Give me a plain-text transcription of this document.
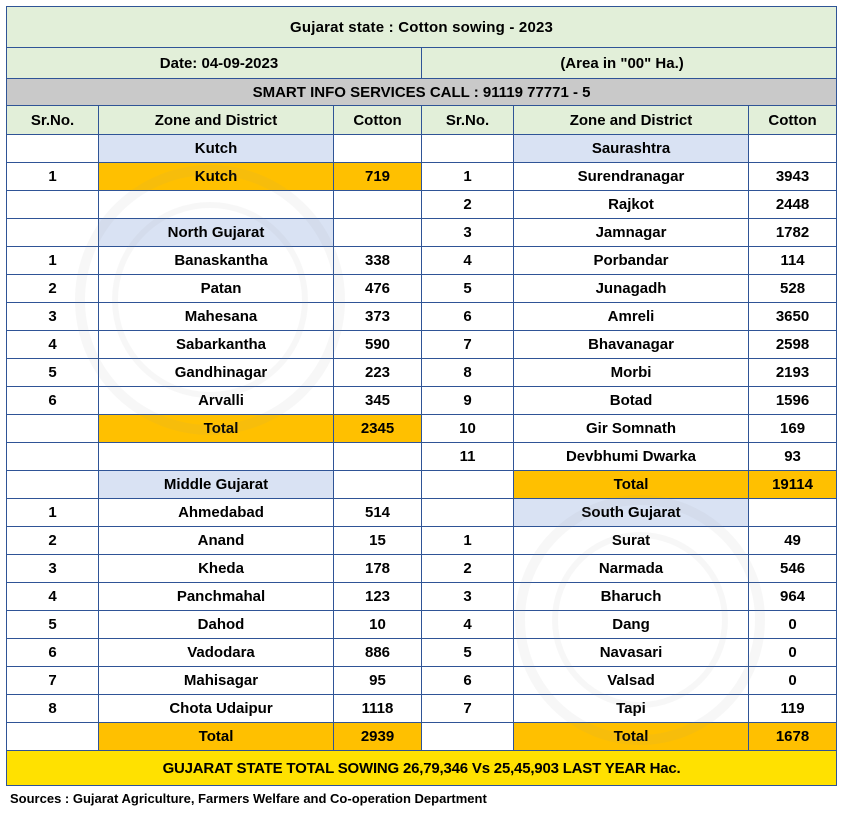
Gujarat state : Cotton sowing - 2023					
Date: 04-09-2023			(Area in "00" Ha.)		
SMART INFO SERVICES CALL : 91119 77771 - 5					
Sr.No.	Zone and District	Cotton	Sr.No.	Zone and District	Cotton
	Kutch			Saurashtra	
1	Kutch	719	1	Surendranagar	3943
			2	Rajkot	2448
	North Gujarat		3	Jamnagar	1782
1	Banaskantha	338	4	Porbandar	114
2	Patan	476	5	Junagadh	528
3	Mahesana	373	6	Amreli	3650
4	Sabarkantha	590	7	Bhavanagar	2598
5	Gandhinagar	223	8	Morbi	2193
6	Arvalli	345	9	Botad	1596
	Total	2345	10	Gir Somnath	169
			11	Devbhumi Dwarka	93
	Middle Gujarat			Total	19114
1	Ahmedabad	514		South Gujarat	
2	Anand	15	1	Surat	49
3	Kheda	178	2	Narmada	546
4	Panchmahal	123	3	Bharuch	964
5	Dahod	10	4	Dang	0
6	Vadodara	886	5	Navasari	0
7	Mahisagar	95	6	Valsad	0
8	Chota Udaipur	1118	7	Tapi	119
	Total	2939		Total	1678
GUJARAT STATE TOTAL SOWING 26,79,346 Vs 25,45,903 LAST YEAR Hac.					
Sources : Gujarat Agriculture, Farmers Welfare and Co-operation Department
